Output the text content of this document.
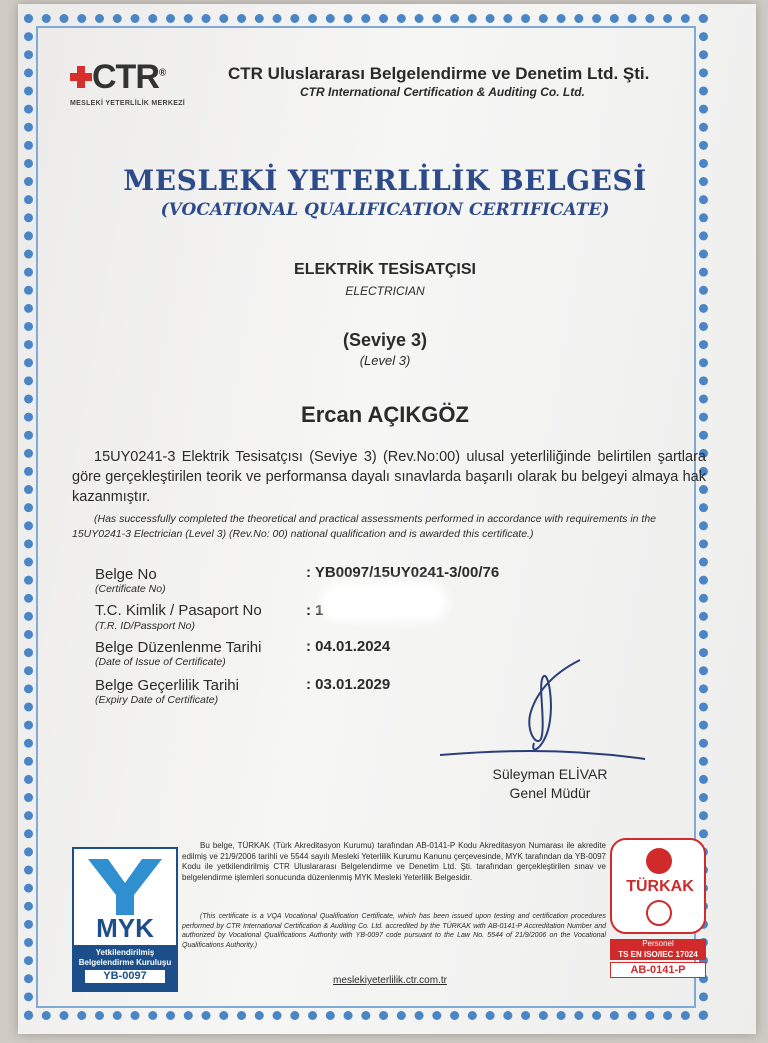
CTR®
MESLEKİ YETERLİLİK MERKEZİ
CTR Uluslararası Belgelendirme ve Denetim Ltd. Şti.
CTR International Certification & Auditing Co. Ltd.
MESLEKİ YETERLİLİK BELGESİ
(VOCATIONAL QUALIFICATION CERTIFICATE)
ELEKTRİK TESİSATÇISI
ELECTRICIAN
(Seviye 3)
(Level 3)
Ercan AÇIKGÖZ
15UY0241-3 Elektrik Tesisatçısı (Seviye 3) (Rev.No:00) ulusal yeterliliğinde belirtilen şartlara göre gerçekleştirilen teorik ve performansa dayalı sınavlarda başarılı olarak bu belgeyi almaya hak kazanmıştır.
(Has successfully completed the theoretical and practical assessments performed in accordance with requirements in the 15UY0241-3 Electrician (Level 3) (Rev.No: 00) national qualification and is awarded this certificate.)
Belge No
(Certificate No)
: YB0097/15UY0241-3/00/76
T.C. Kimlik / Pasaport No
(T.R. ID/Passport No)
: 1
Belge Düzenlenme Tarihi
(Date of Issue of Certificate)
: 04.01.2024
Belge Geçerlilik Tarihi
(Expiry Date of Certificate)
: 03.01.2029
Süleyman ELİVAR
Genel Müdür
MYK
Yetkilendirilmiş
Belgelendirme Kuruluşu
YB-0097
Bu belge, TÜRKAK (Türk Akreditasyon Kurumu) tarafından AB-0141-P Kodu Akreditasyon Numarası ile akredite edilmiş ve 21/9/2006 tarihli ve 5544 sayılı Mesleki Yeterlilik Kurumu Kanunu çerçevesinde, MYK tarafından da YB-0097 Kodu ile yetkilendirilmiş CTR Uluslararası Belgelendirme ve Denetim Ltd. Şti. tarafından gerçekleştirilen sınav ve belgelendirme işlemleri sonucunda düzenlenmiş MYK Mesleki Yeterlilik Belgesidir.
(This certificate is a VQA Vocational Qualification Certificate, which has been issued upon testing and certification procedures performed by CTR International Certification & Auditing Co. Ltd. accredited by the TÜRKAK with AB-0141-P Accreditation Number and authorized by Vocational Qualifications Authority with YB-0097 code pursuant to the Law No. 5544 of 21/9/2006 on the Vocational Qualifications Authority.)
meslekiyeterlilik.ctr.com.tr
TÜRKAK
Personel
TS EN ISO/IEC 17024
AB-0141-P
